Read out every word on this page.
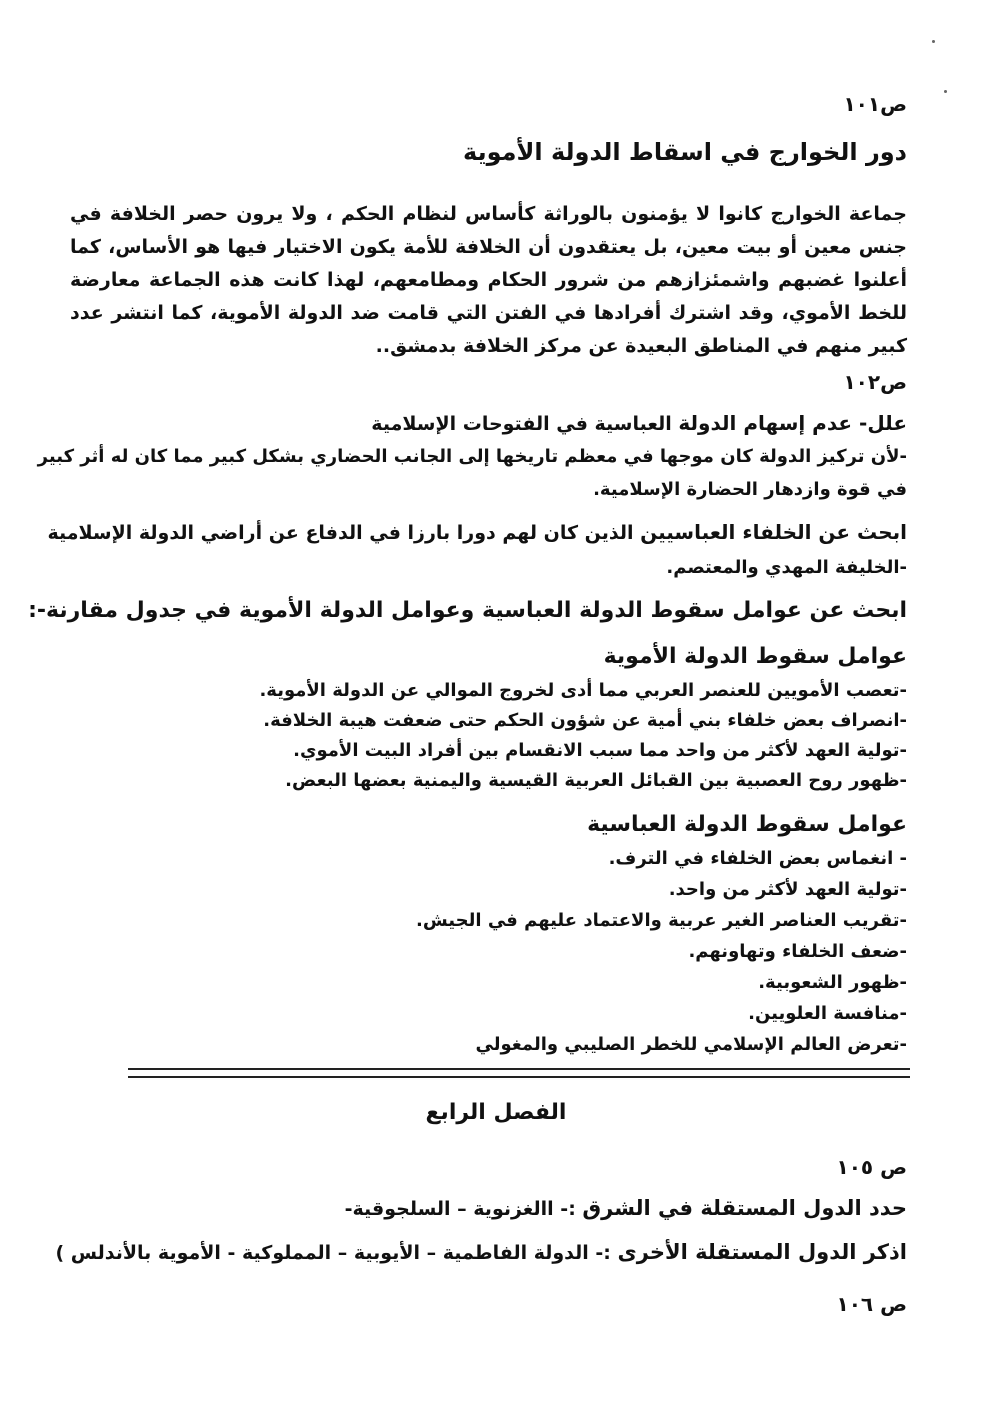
ص١٠١
دور الخوارج في اسقاط الدولة الأموية
جماعة الخوارج كانوا لا يؤمنون بالوراثة كأساس لنظام الحكم ، ولا يرون حصر الخلافة في جنس معين أو بيت معين، بل يعتقدون أن الخلافة للأمة يكون الاختيار فيها هو الأساس، كما أعلنوا غضبهم واشمئزازهم من شرور الحكام ومطامعهم، لهذا كانت هذه الجماعة معارضة للخط الأموي، وقد اشترك أفرادها في الفتن التي قامت ضد الدولة الأموية، كما انتشر عدد كبير منهم في المناطق البعيدة عن مركز الخلافة بدمشق..
ص١٠٢
علل- عدم إسهام الدولة العباسية في الفتوحات الإسلامية
-لأن تركيز الدولة كان موجها في معظم تاريخها إلى الجانب الحضاري بشكل كبير مما كان له أثر كبير
في قوة وازدهار الحضارة الإسلامية.
ابحث عن الخلفاء العباسيين الذين كان لهم دورا بارزا في الدفاع عن أراضي الدولة الإسلامية
-الخليفة المهدي والمعتصم.
ابحث عن عوامل سقوط الدولة العباسية وعوامل الدولة الأموية في جدول مقارنة-:
عوامل سقوط الدولة الأموية
-تعصب الأمويين للعنصر العربي مما أدى لخروج الموالي عن الدولة الأموية.
-انصراف بعض خلفاء بني أمية عن شؤون الحكم حتى ضعفت هيبة الخلافة.
-تولية العهد لأكثر من واحد مما سبب الانقسام بين أفراد البيت الأموي.
-ظهور روح العصبية بين القبائل العربية القيسية واليمنية بعضها البعض.
عوامل سقوط الدولة العباسية
- انغماس بعض الخلفاء في الترف.
-تولية العهد لأكثر من واحد.
-تقريب العناصر الغير عربية والاعتماد عليهم في الجيش.
-ضعف الخلفاء وتهاونهم.
-ظهور الشعوبية.
-منافسة العلويين.
-تعرض العالم الإسلامي للخطر الصليبي والمغولي
الفصل الرابع
ص ١٠٥
حدد الدول المستقلة في الشرق :- االغزنوية – السلجوقية-
اذكر الدول المستقلة الأخرى :- الدولة الفاطمية – الأيوبية – المملوكية - الأموية بالأندلس )
ص ١٠٦
